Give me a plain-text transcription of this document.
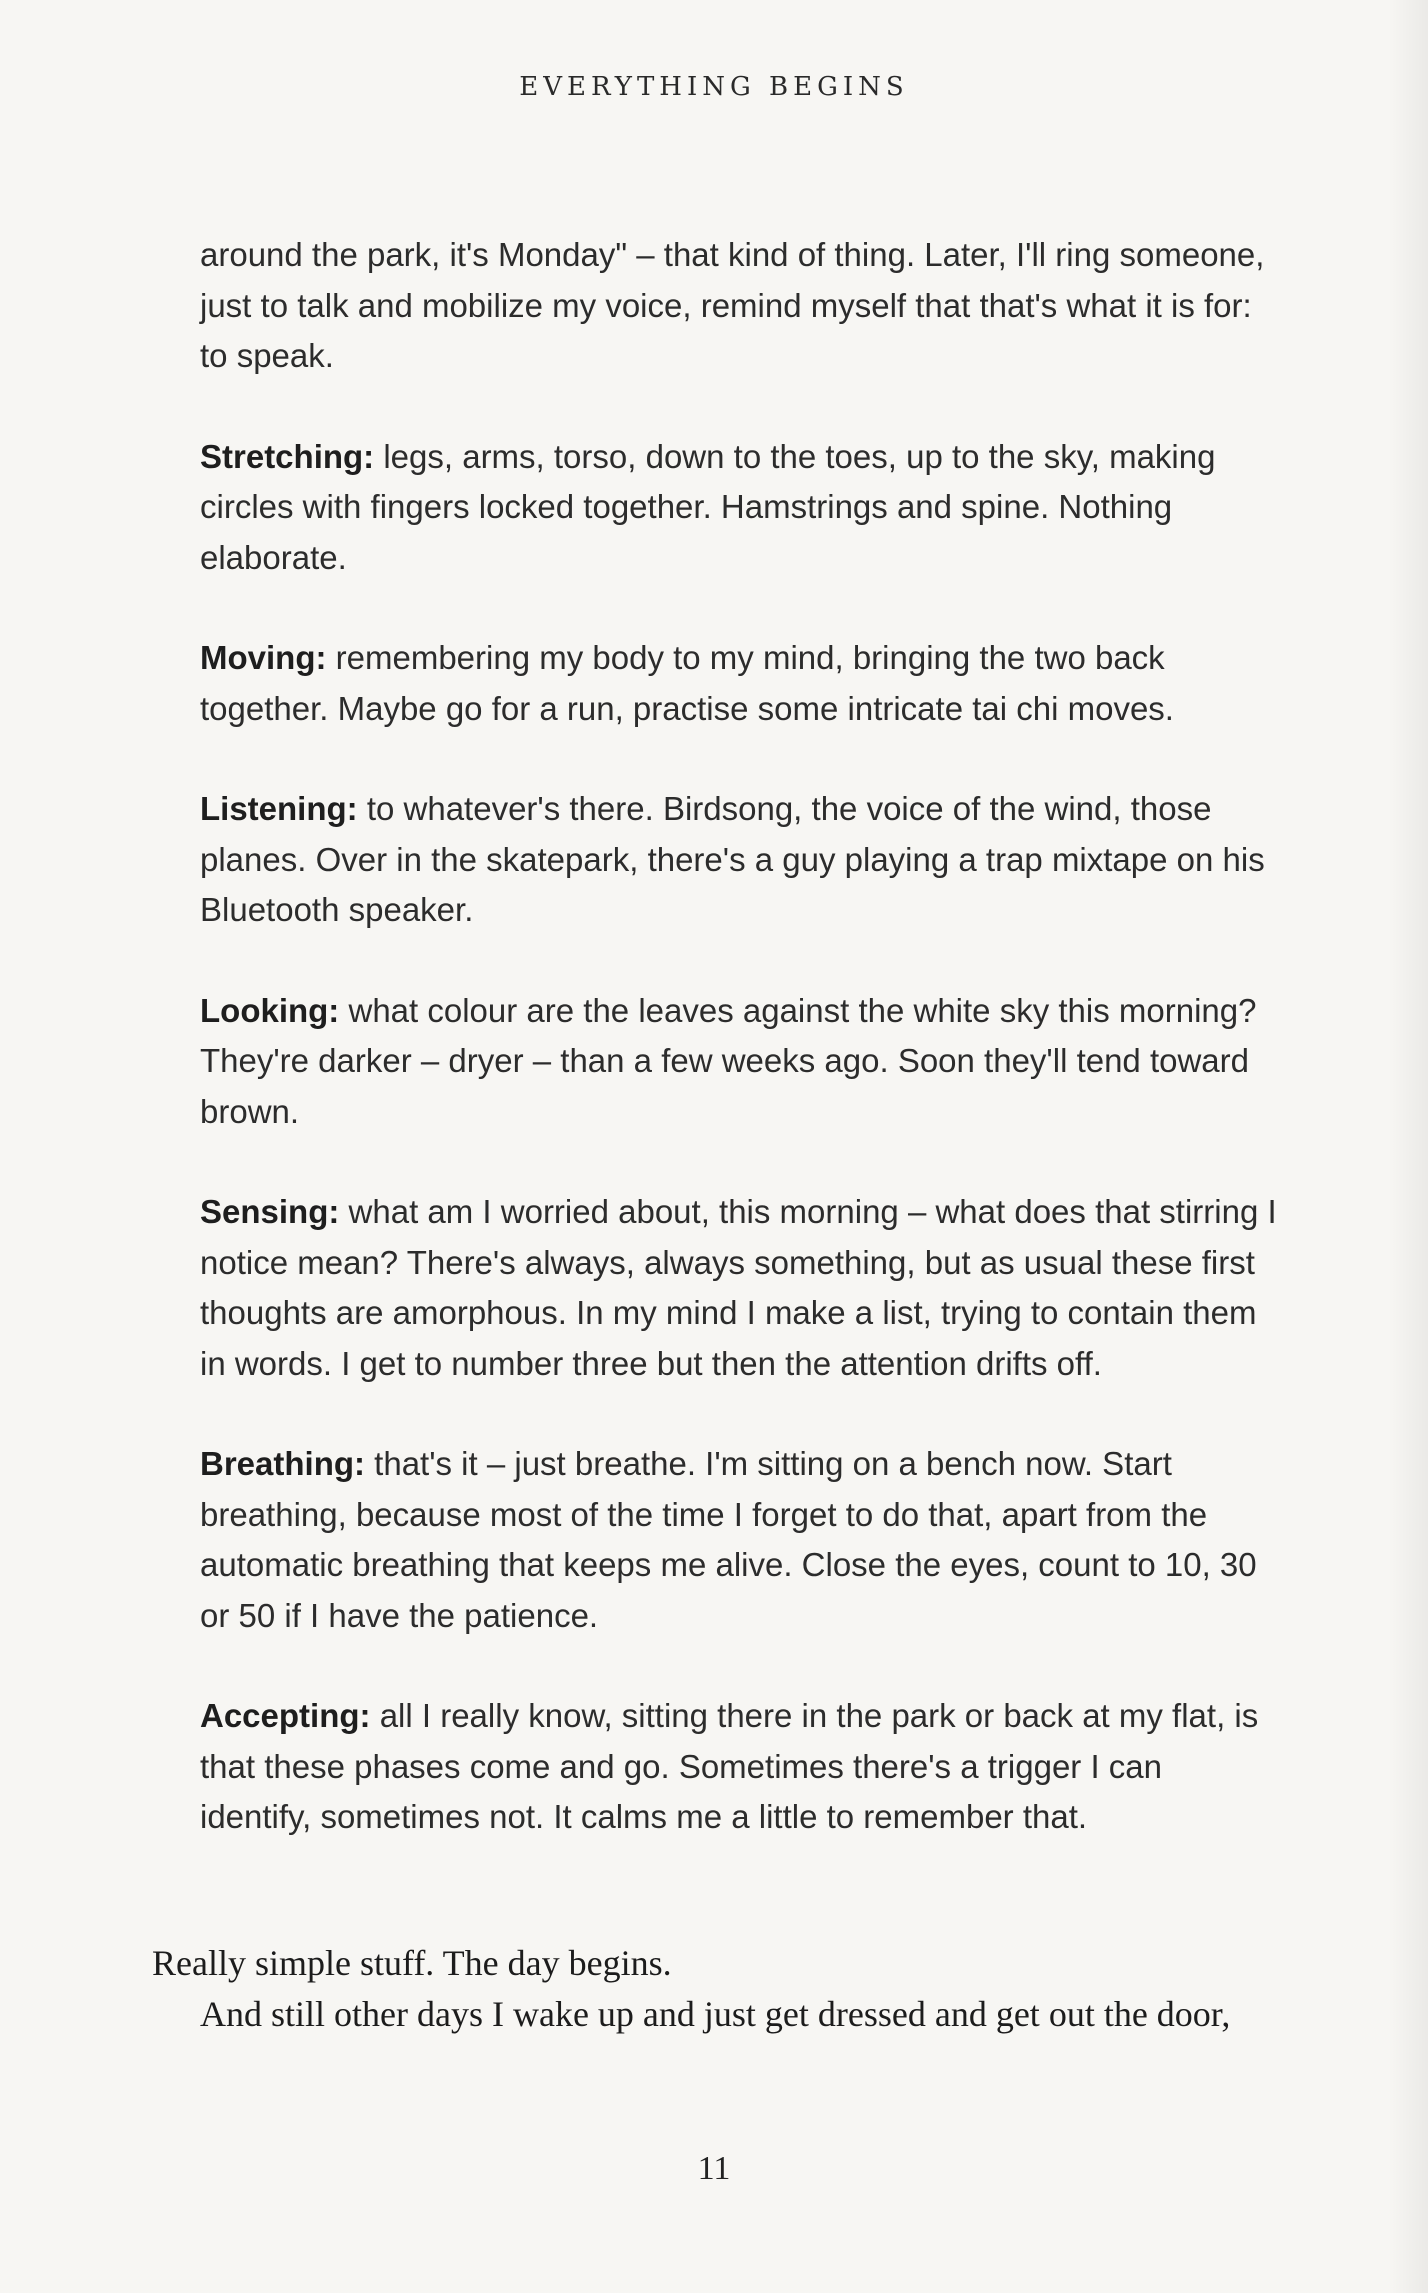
EVERYTHING BEGINS

around the park, it's Monday" – that kind of thing. Later, I'll ring someone, just to talk and mobilize my voice, remind myself that that's what it is for: to speak.

Stretching: legs, arms, torso, down to the toes, up to the sky, making circles with fingers locked together. Hamstrings and spine. Nothing elaborate.

Moving: remembering my body to my mind, bringing the two back together. Maybe go for a run, practise some intricate tai chi moves.

Listening: to whatever's there. Birdsong, the voice of the wind, those planes. Over in the skatepark, there's a guy playing a trap mixtape on his Bluetooth speaker.

Looking: what colour are the leaves against the white sky this morning? They're darker – dryer – than a few weeks ago. Soon they'll tend toward brown.

Sensing: what am I worried about, this morning – what does that stirring I notice mean? There's always, always something, but as usual these first thoughts are amorphous. In my mind I make a list, trying to contain them in words. I get to number three but then the attention drifts off.

Breathing: that's it – just breathe. I'm sitting on a bench now. Start breathing, because most of the time I forget to do that, apart from the automatic breathing that keeps me alive. Close the eyes, count to 10, 30 or 50 if I have the patience.

Accepting: all I really know, sitting there in the park or back at my flat, is that these phases come and go. Sometimes there's a trigger I can identify, sometimes not. It calms me a little to remember that.

Really simple stuff. The day begins.

And still other days I wake up and just get dressed and get out the door,

11
